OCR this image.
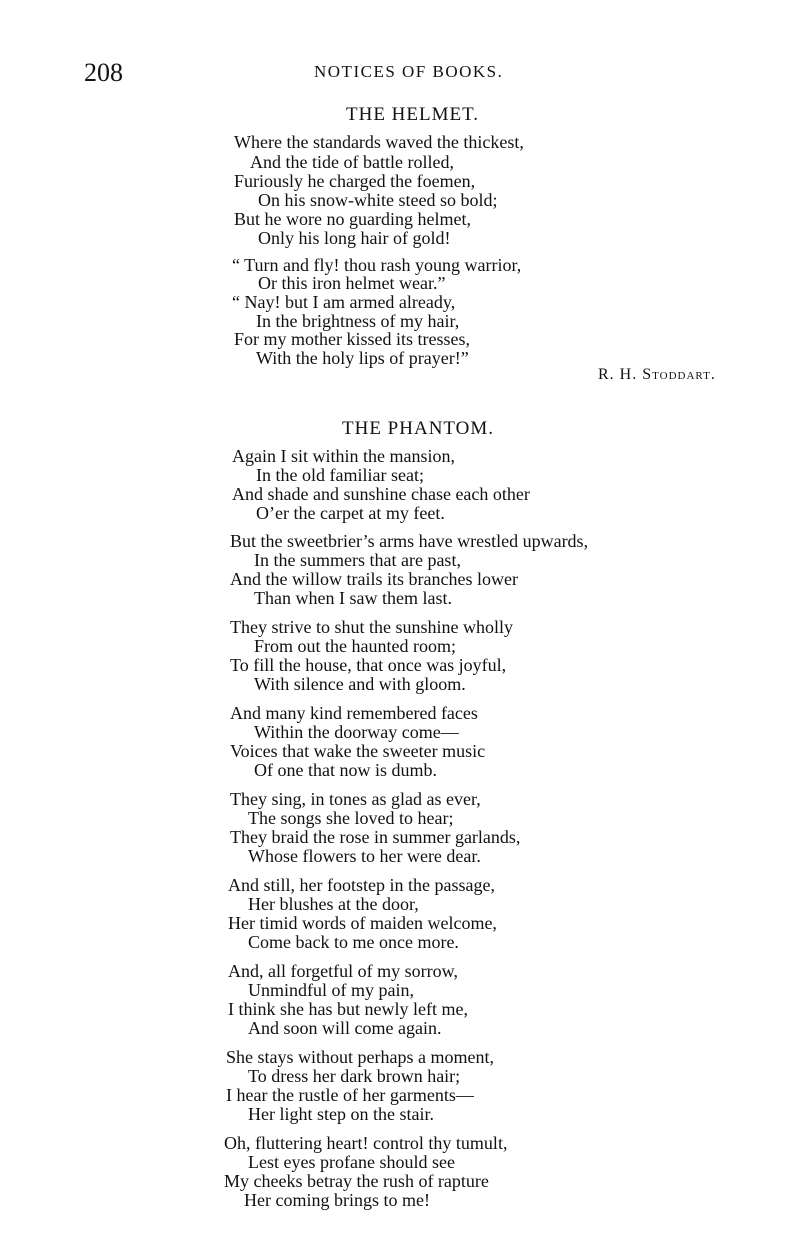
208	NOTICES OF BOOKS.
THE HELMET.
Where the standards waved the thickest,
And the tide of battle rolled,
Furiously he charged the foemen,
On his snow-white steed so bold;
But he wore no guarding helmet,
Only his long hair of gold!
“ Turn and fly! thou rash young warrior,
Or this iron helmet wear.”
“ Nay! but I am armed already,
In the brightness of my hair,
For my mother kissed its tresses,
With the holy lips of prayer!”
R. H. Stoddart.
THE PHANTOM.
Again I sit within the mansion,
In the old familiar seat;
And shade and sunshine chase each other
O’er the carpet at my feet.
But the sweetbrier’s arms have wrestled upwards,
In the summers that are past,
And the willow trails its branches lower
Than when I saw them last.
They strive to shut the sunshine wholly
From out the haunted room;
To fill the house, that once was joyful,
With silence and with gloom.
And many kind remembered faces
Within the doorway come—
Voices that wake the sweeter music
Of one that now is dumb.
They sing, in tones as glad as ever,
The songs she loved to hear;
They braid the rose in summer garlands,
Whose flowers to her were dear.
And still, her footstep in the passage,
Her blushes at the door,
Her timid words of maiden welcome,
Come back to me once more.
And, all forgetful of my sorrow,
Unmindful of my pain,
I think she has but newly left me,
And soon will come again.
She stays without perhaps a moment,
To dress her dark brown hair;
I hear the rustle of her garments—
Her light step on the stair.
Oh, fluttering heart! control thy tumult,
Lest eyes profane should see
My cheeks betray the rush of rapture
Her coming brings to me!
